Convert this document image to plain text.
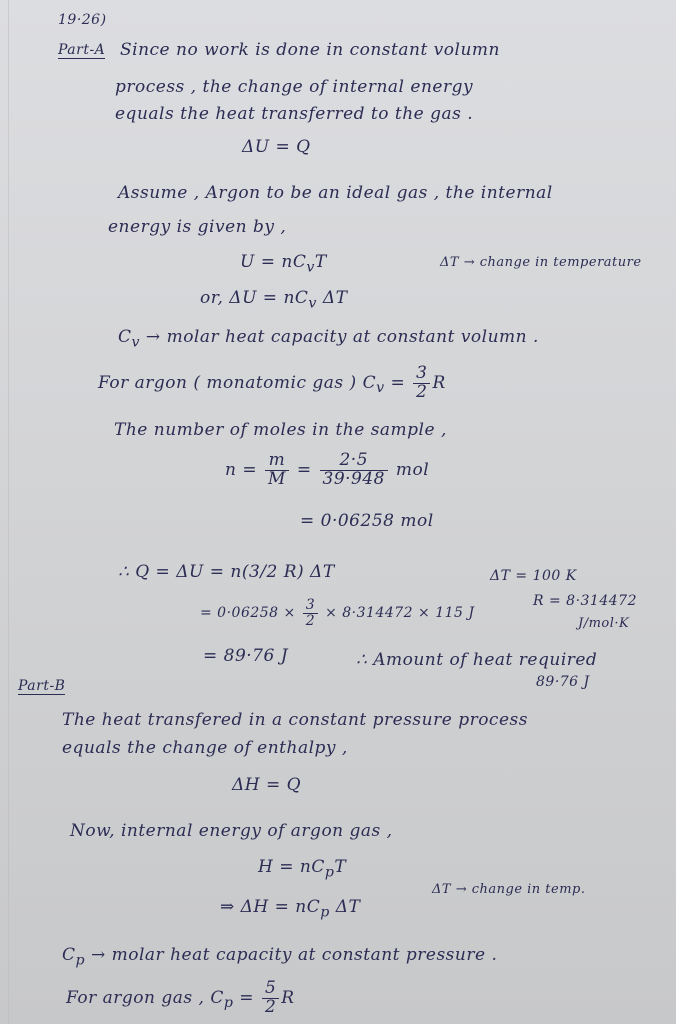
19·26)
Part-A Since no work is done in constant volumn
process , the change of internal energy
equals the heat transferred to the gas .
ΔU = Q
Assume , Argon to be an ideal gas , the internal
energy is given by ,
$U = nC_vT$	ΔT → change in temperature
or, $\Delta U = nC_v$ ΔT
$C_v$ → molar heat capacity at constant volumn .
For argon ( monatomic gas ) $C_v = \frac{3}{2}$ R
The number of moles in the sample ,
$n = \frac{m}{M} = \frac{2\cdot 5}{39\cdot 948}$ mol
= 0·06258 mol
∴ Q = ΔU = n(3/2 R) ΔT	ΔT = 100 K
= $0\cdot 06258 \times \frac{3}{2} \times 8\cdot 314472 \times 115$ J
R = 8·314472
J/mol·K
= 89·76 J	∴ Amount of heat required
89·76 J
Part-B
The heat transfered in a constant pressure process
equals the change of enthalpy ,
ΔH = Q
Now, internal energy of argon gas ,
$H = nC_pT$
ΔT → change in temp.
⇒ $\Delta H = nC_p$ ΔT
$C_p$ → molar heat capacity at constant pressure .
For argon gas , $C_p = \frac{5}{2}$ R
